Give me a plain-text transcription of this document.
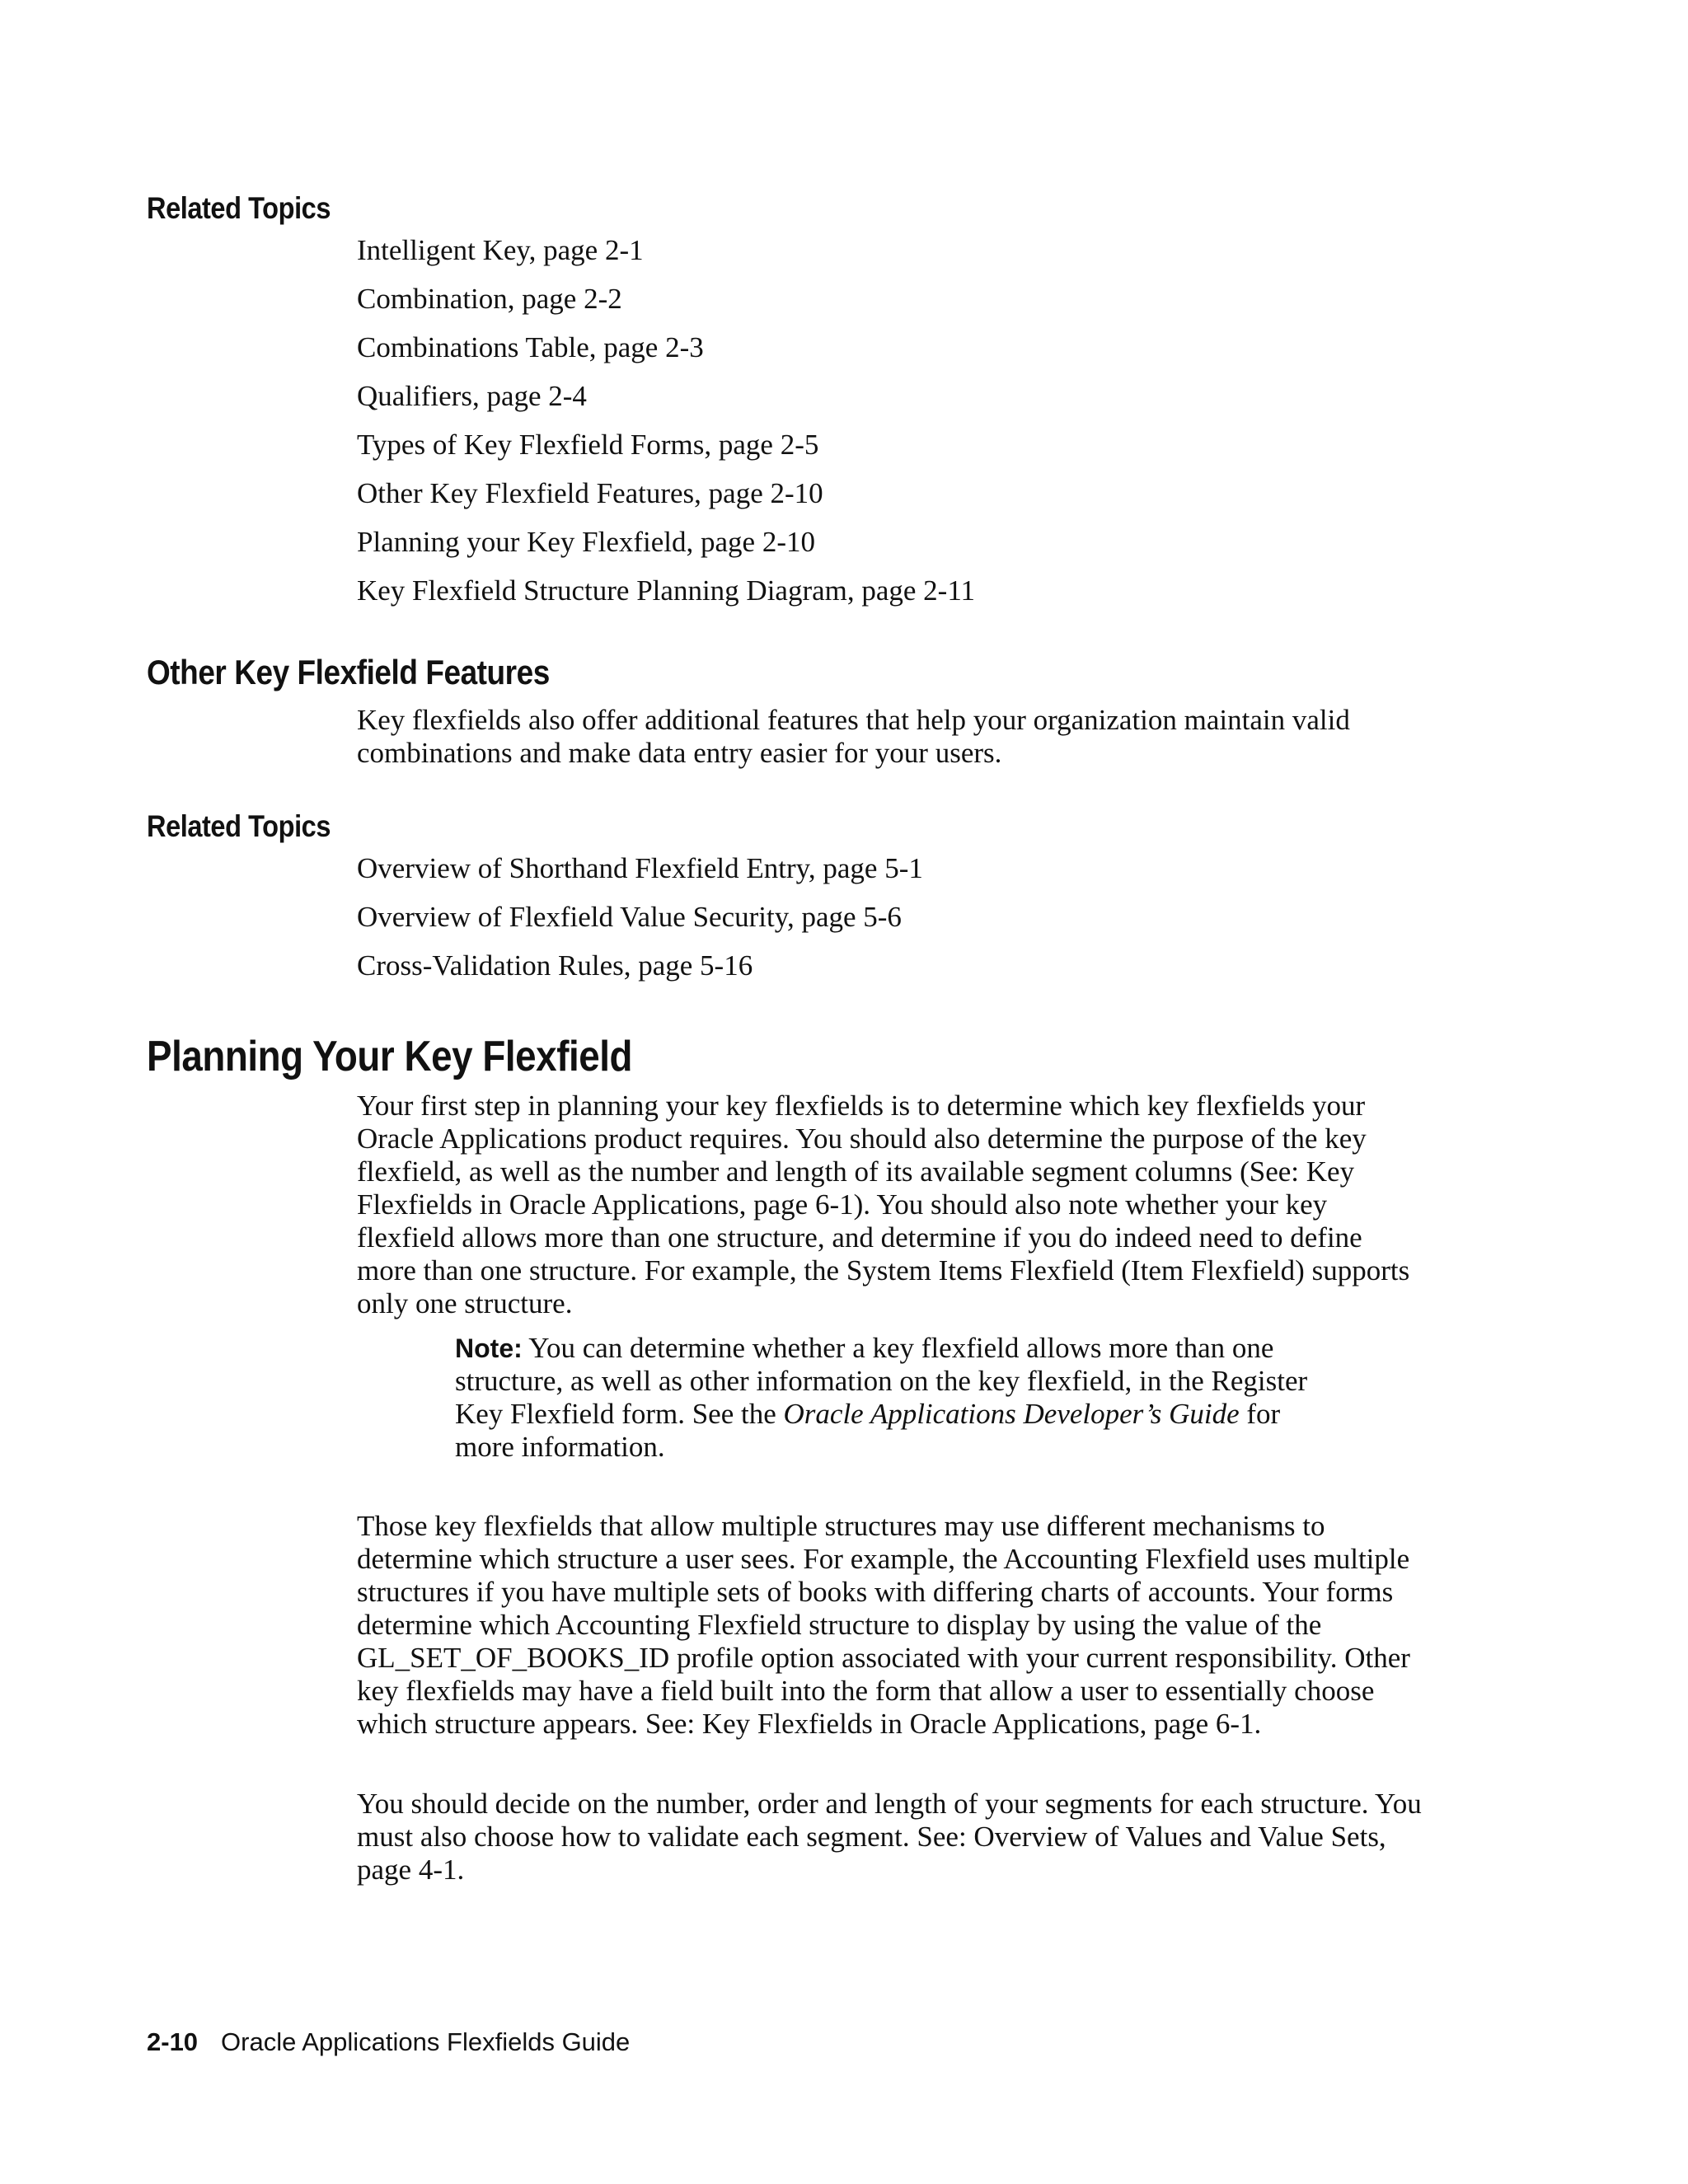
Related Topics
Intelligent Key, page 2-1
Combination, page 2-2
Combinations Table, page 2-3
Qualifiers, page 2-4
Types of Key Flexfield Forms, page 2-5
Other Key Flexfield Features, page 2-10
Planning your Key Flexfield, page 2-10
Key Flexfield Structure Planning Diagram, page 2-11
Other Key Flexfield Features

Key flexfields also offer additional features that help your organization maintain valid combinations and make data entry easier for your users.

Related Topics
Overview of Shorthand Flexfield Entry, page 5-1
Overview of Flexfield Value Security, page 5-6
Cross-Validation Rules, page 5-16
Planning Your Key Flexfield

Your first step in planning your key flexfields is to determine which key flexfields your Oracle Applications product requires. You should also determine the purpose of the key flexfield, as well as the number and length of its available segment columns (See: Key Flexfields in Oracle Applications, page 6-1). You should also note whether your key flexfield allows more than one structure, and determine if you do indeed need to define more than one structure. For example, the System Items Flexfield (Item Flexfield) supports only one structure.

Note: You can determine whether a key flexfield allows more than one structure, as well as other information on the key flexfield, in the Register Key Flexfield form. See the Oracle Applications Developer’s Guide for more information.

Those key flexfields that allow multiple structures may use different mechanisms to determine which structure a user sees. For example, the Accounting Flexfield uses multiple structures if you have multiple sets of books with differing charts of accounts. Your forms determine which Accounting Flexfield structure to display by using the value of the GL_SET_OF_BOOKS_ID profile option associated with your current responsibility. Other key flexfields may have a field built into the form that allow a user to essentially choose which structure appears. See: Key Flexfields in Oracle Applications, page 6-1.

You should decide on the number, order and length of your segments for each structure. You must also choose how to validate each segment. See: Overview of Values and Value Sets, page 4-1.

2-10 Oracle Applications Flexfields Guide
